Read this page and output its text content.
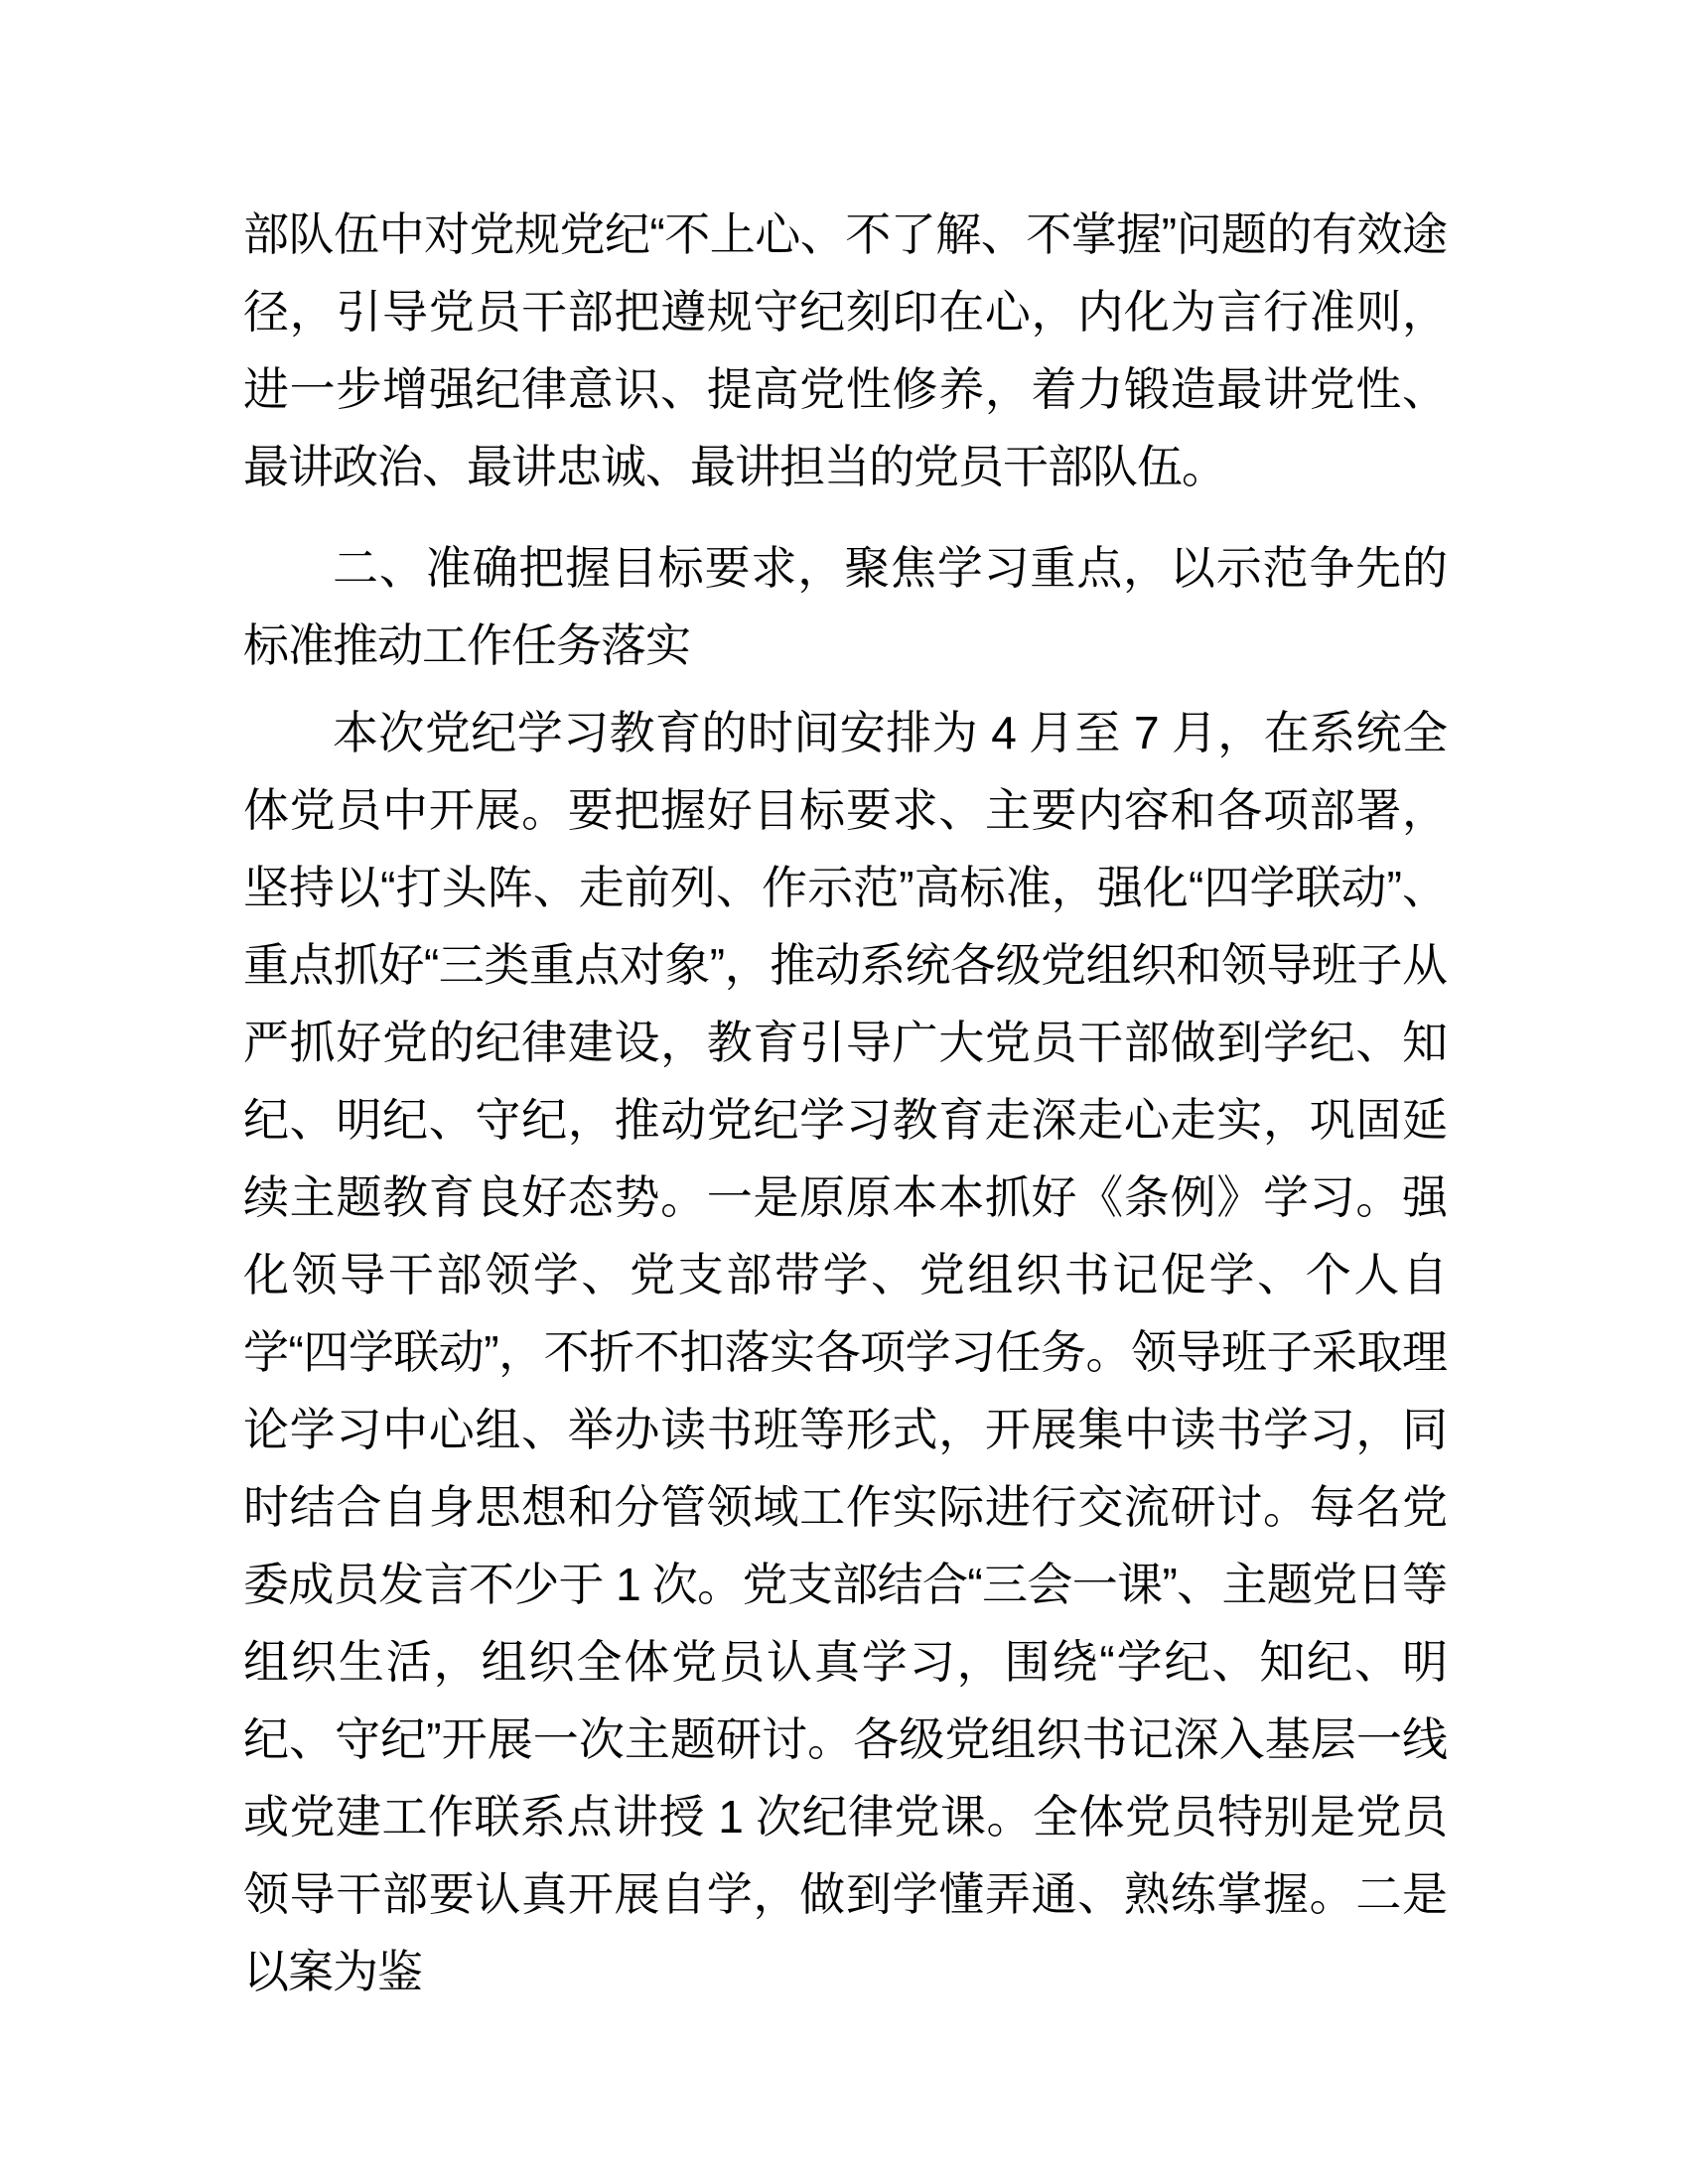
部队伍中对党规党纪“不上心、不了解、不掌握”问题的有效途径，引导党员干部把遵规守纪刻印在心，内化为言行准则，进一步增强纪律意识、提高党性修养，着力锻造最讲党性、最讲政治、最讲忠诚、最讲担当的党员干部队伍。

二、准确把握目标要求，聚焦学习重点，以示范争先的标准推动工作任务落实

本次党纪学习教育的时间安排为 4 月至 7 月，在系统全体党员中开展。要把握好目标要求、主要内容和各项部署，坚持以“打头阵、走前列、作示范”高标准，强化“四学联动”、重点抓好“三类重点对象”，推动系统各级党组织和领导班子从严抓好党的纪律建设，教育引导广大党员干部做到学纪、知纪、明纪、守纪，推动党纪学习教育走深走心走实，巩固延续主题教育良好态势。一是原原本本抓好《条例》学习。强化领导干部领学、党支部带学、党组织书记促学、个人自学“四学联动”，不折不扣落实各项学习任务。领导班子采取理论学习中心组、举办读书班等形式，开展集中读书学习，同时结合自身思想和分管领域工作实际进行交流研讨。每名党委成员发言不少于 1 次。党支部结合“三会一课”、主题党日等组织生活，组织全体党员认真学习，围绕“学纪、知纪、明纪、守纪”开展一次主题研讨。各级党组织书记深入基层一线或党建工作联系点讲授 1 次纪律党课。全体党员特别是党员领导干部要认真开展自学，做到学懂弄通、熟练掌握。二是以案为鉴
